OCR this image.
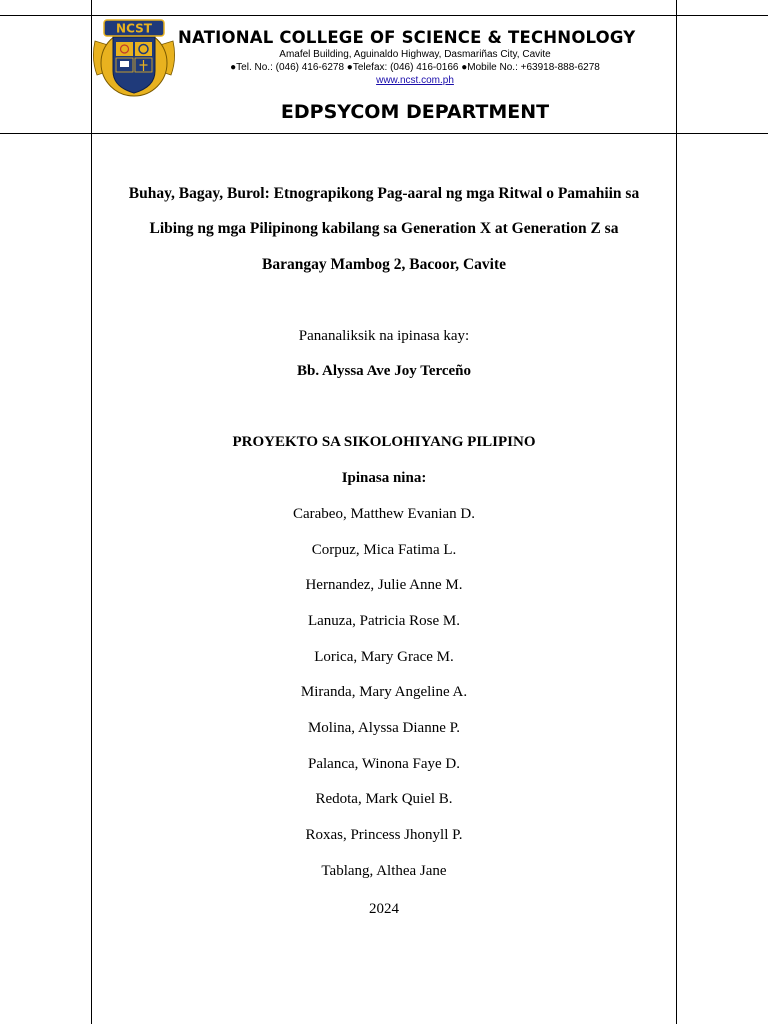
NCST NATIONAL COLLEGE OF SCIENCE & TECHNOLOGY
Amafel Building, Aguinaldo Highway, Dasmariñas City, Cavite
●Tel. No.: (046) 416-6278 ●Telefax: (046) 416-0166 ●Mobile No.: +63918-888-6278
www.ncst.com.ph
EDPSYCOM DEPARTMENT
Buhay, Bagay, Burol: Etnograpikong Pag-aaral ng mga Ritwal o Pamahiin sa
Libing ng mga Pilipinong kabilang sa Generation X at Generation Z sa
Barangay Mambog 2, Bacoor, Cavite
Pananaliksik na ipinasa kay:
Bb. Alyssa Ave Joy Terceño
PROYEKTO SA SIKOLOHIYANG PILIPINO
Ipinasa nina:
Carabeo, Matthew Evanian D.
Corpuz, Mica Fatima L.
Hernandez, Julie Anne M.
Lanuza, Patricia Rose M.
Lorica, Mary Grace M.
Miranda, Mary Angeline A.
Molina, Alyssa Dianne P.
Palanca, Winona Faye D.
Redota, Mark Quiel B.
Roxas, Princess Jhonyll P.
Tablang, Althea Jane
2024
